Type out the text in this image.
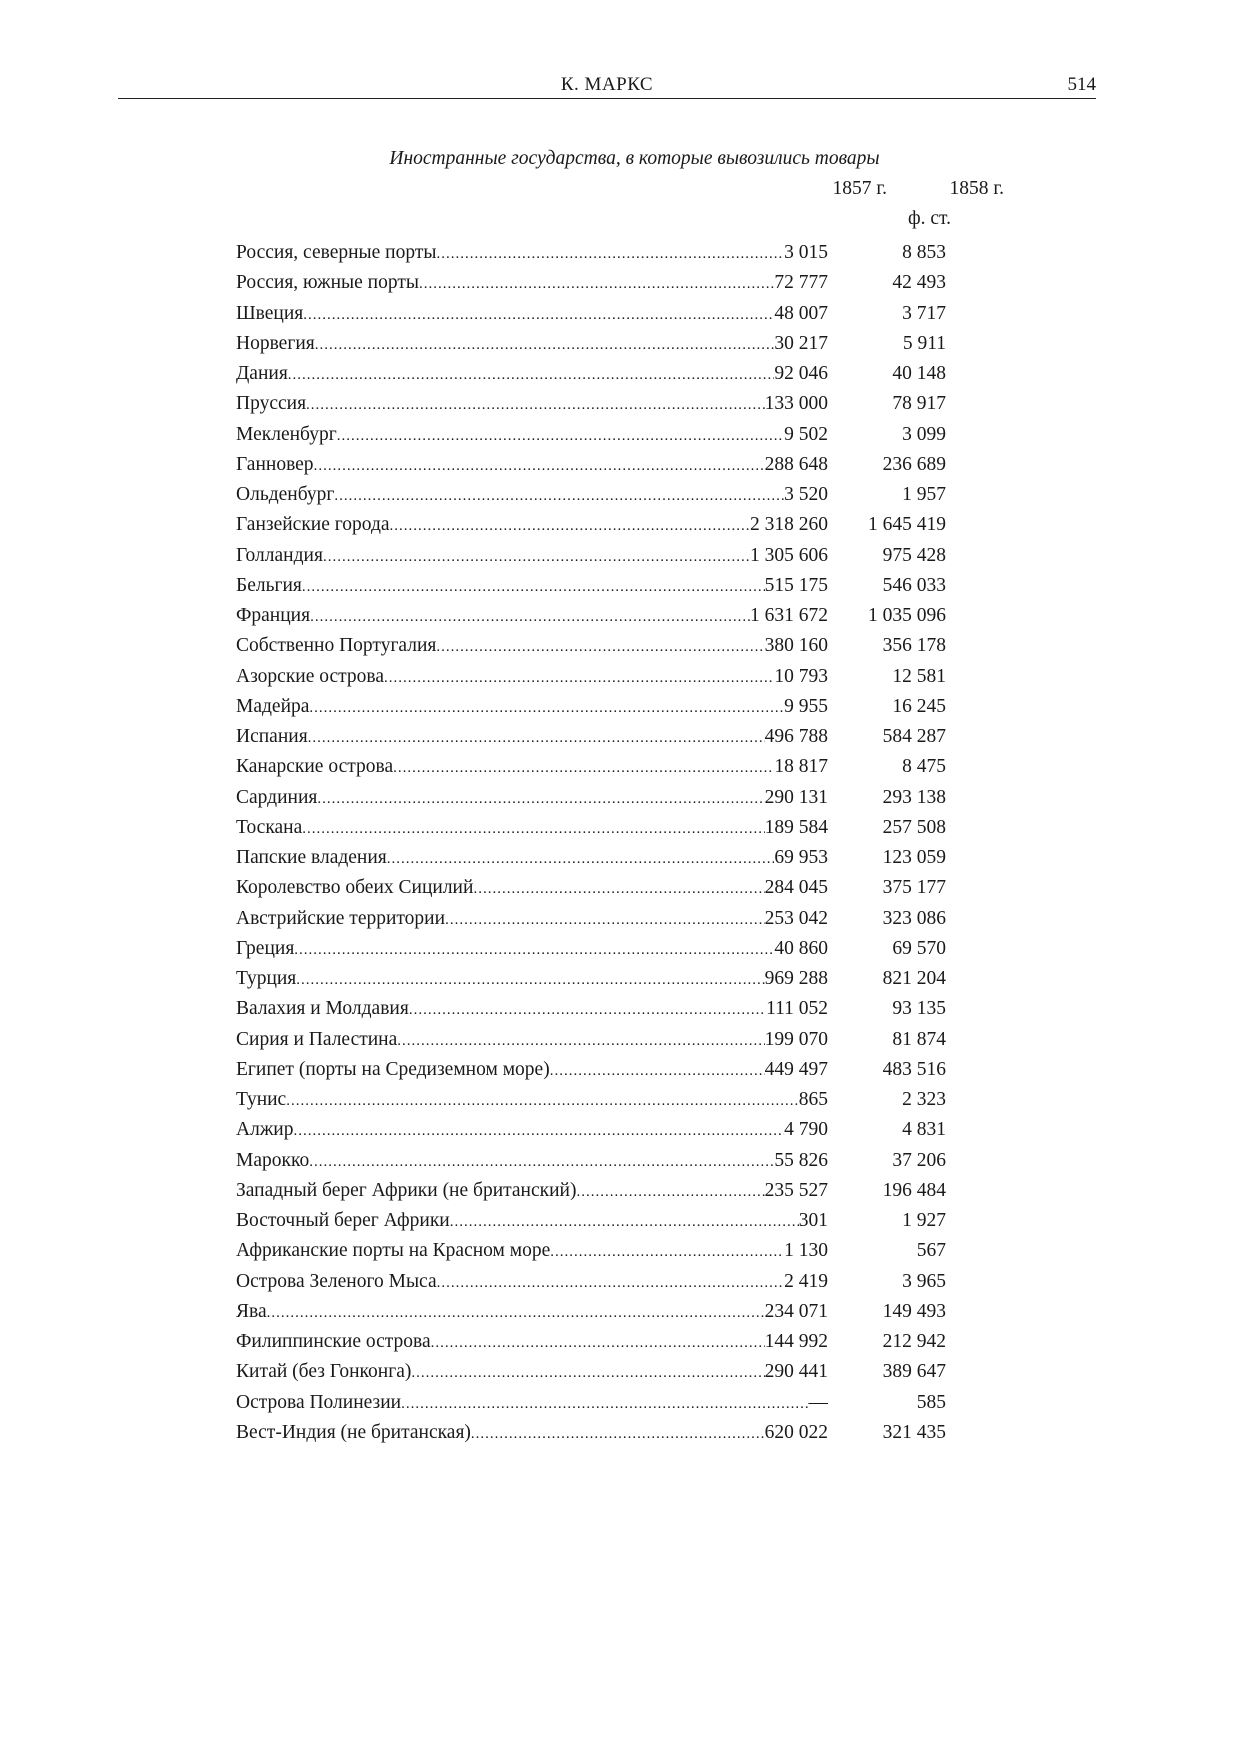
К. МАРКС	514
Иностранные государства, в которые вывозились товары
1857 г.	1858 г.
ф. ст.
Россия, северные порты .....	3 015	8 853
Россия, южные порты .....	72 777	42 493
Швеция .....	48 007	3 717
Норвегия .....	30 217	5 911
Дания .....	92 046	40 148
Пруссия .....	133 000	78 917
Мекленбург .....	9 502	3 099
Ганновер .....	288 648	236 689
Ольденбург .....	3 520	1 957
Ганзейские города .....	2 318 260	1 645 419
Голландия .....	1 305 606	975 428
Бельгия .....	515 175	546 033
Франция .....	1 631 672	1 035 096
Собственно Португалия .....	380 160	356 178
Азорские острова .....	10 793	12 581
Мадейра .....	9 955	16 245
Испания .....	496 788	584 287
Канарские острова .....	18 817	8 475
Сардиния .....	290 131	293 138
Тоскана .....	189 584	257 508
Папские владения .....	69 953	123 059
Королевство обеих Сицилий .....	284 045	375 177
Австрийские территории .....	253 042	323 086
Греция .....	40 860	69 570
Турция .....	969 288	821 204
Валахия и Молдавия .....	111 052	93 135
Сирия и Палестина .....	199 070	81 874
Египет (порты на Средиземном море) .....	449 497	483 516
Тунис .....	865	2 323
Алжир .....	4 790	4 831
Марокко .....	55 826	37 206
Западный берег Африки (не британский) .....	235 527	196 484
Восточный берег Африки .....	301	1 927
Африканские порты на Красном море .....	1 130	567
Острова Зеленого Мыса .....	2 419	3 965
Ява .....	234 071	149 493
Филиппинские острова .....	144 992	212 942
Китай (без Гонконга) .....	290 441	389 647
Острова Полинезии .....	—	585
Вест-Индия (не британская) .....	620 022	321 435
